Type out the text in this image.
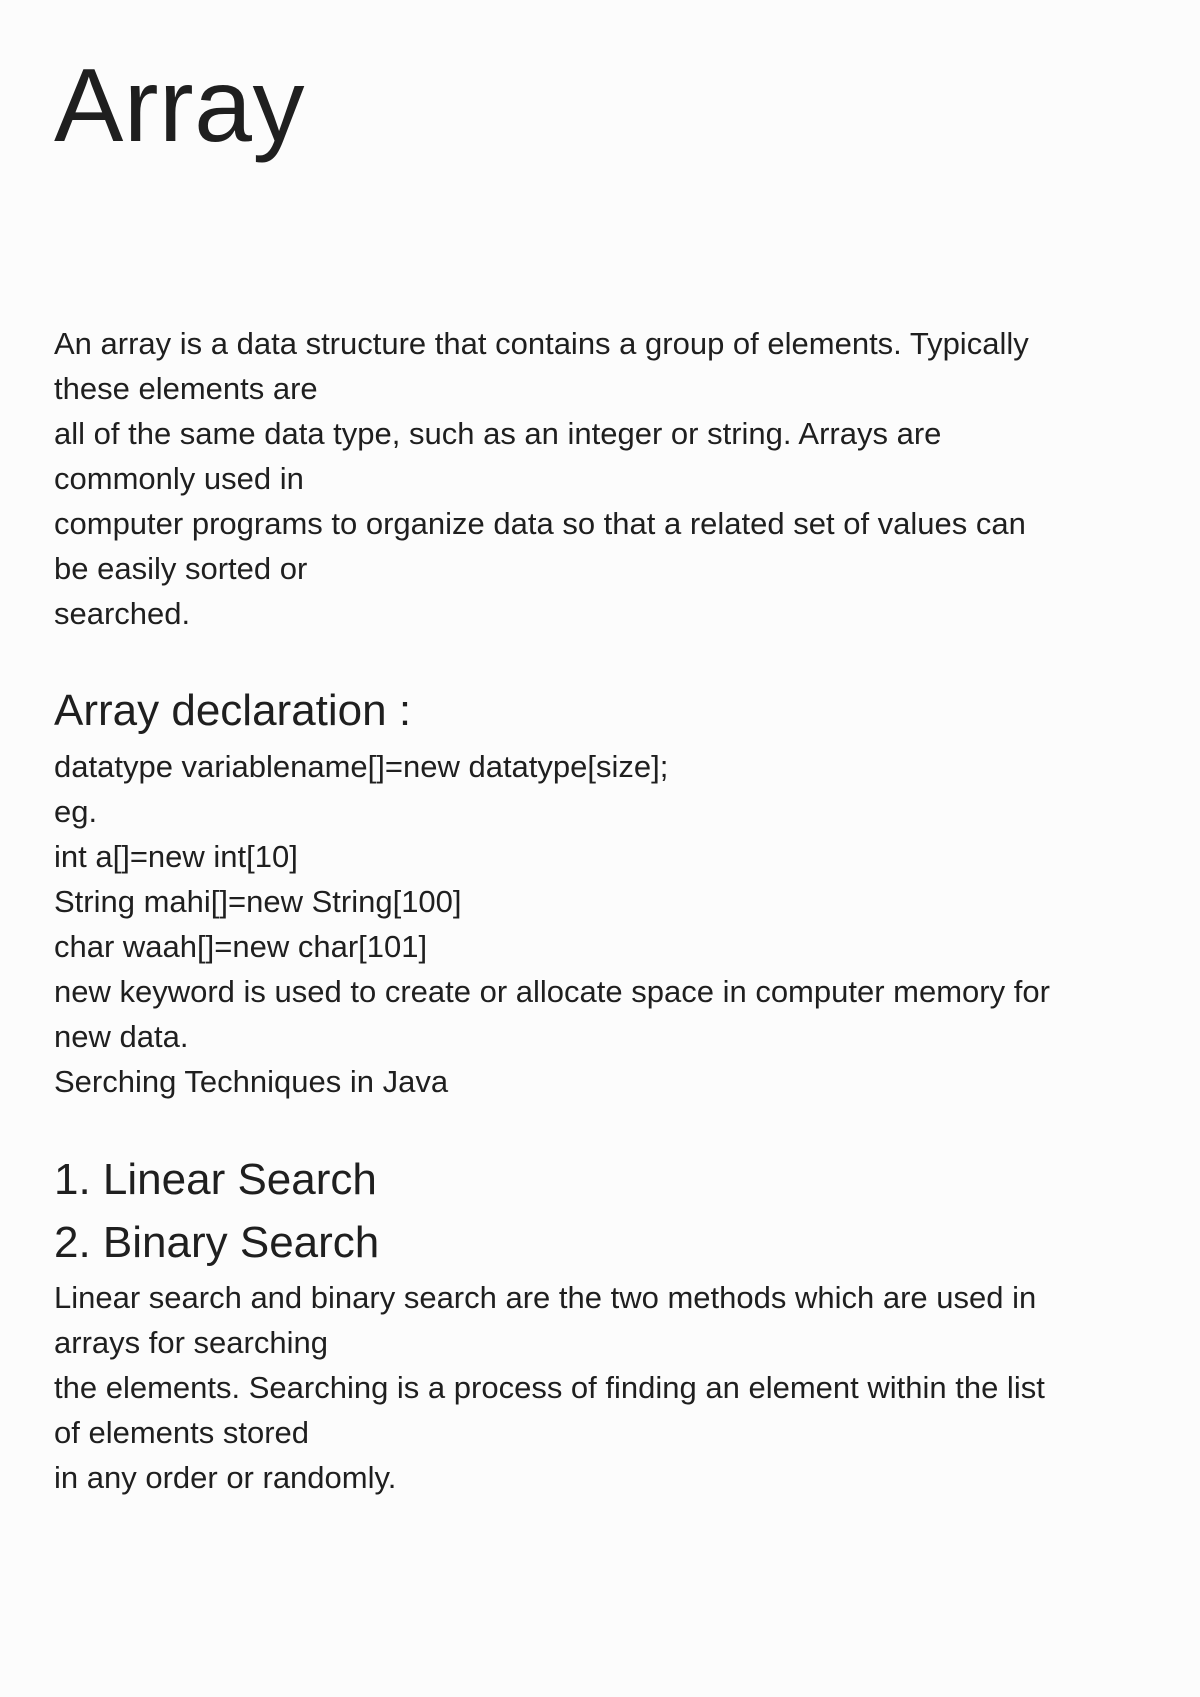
Array
An array is a data structure that contains a group of elements. Typically
these elements are
all of the same data type, such as an integer or string. Arrays are
commonly used in
computer programs to organize data so that a related set of values can
be easily sorted or
searched.
Array declaration :
datatype variablename[]=new datatype[size];
eg.
int a[]=new int[10]
String mahi[]=new String[100]
char waah[]=new char[101]
new keyword is used to create or allocate space in computer memory for
new data.
Serching Techniques in Java
1. Linear Search
2. Binary Search
Linear search and binary search are the two methods which are used in
arrays for searching
the elements. Searching is a process of finding an element within the list
of elements stored
in any order or randomly.
